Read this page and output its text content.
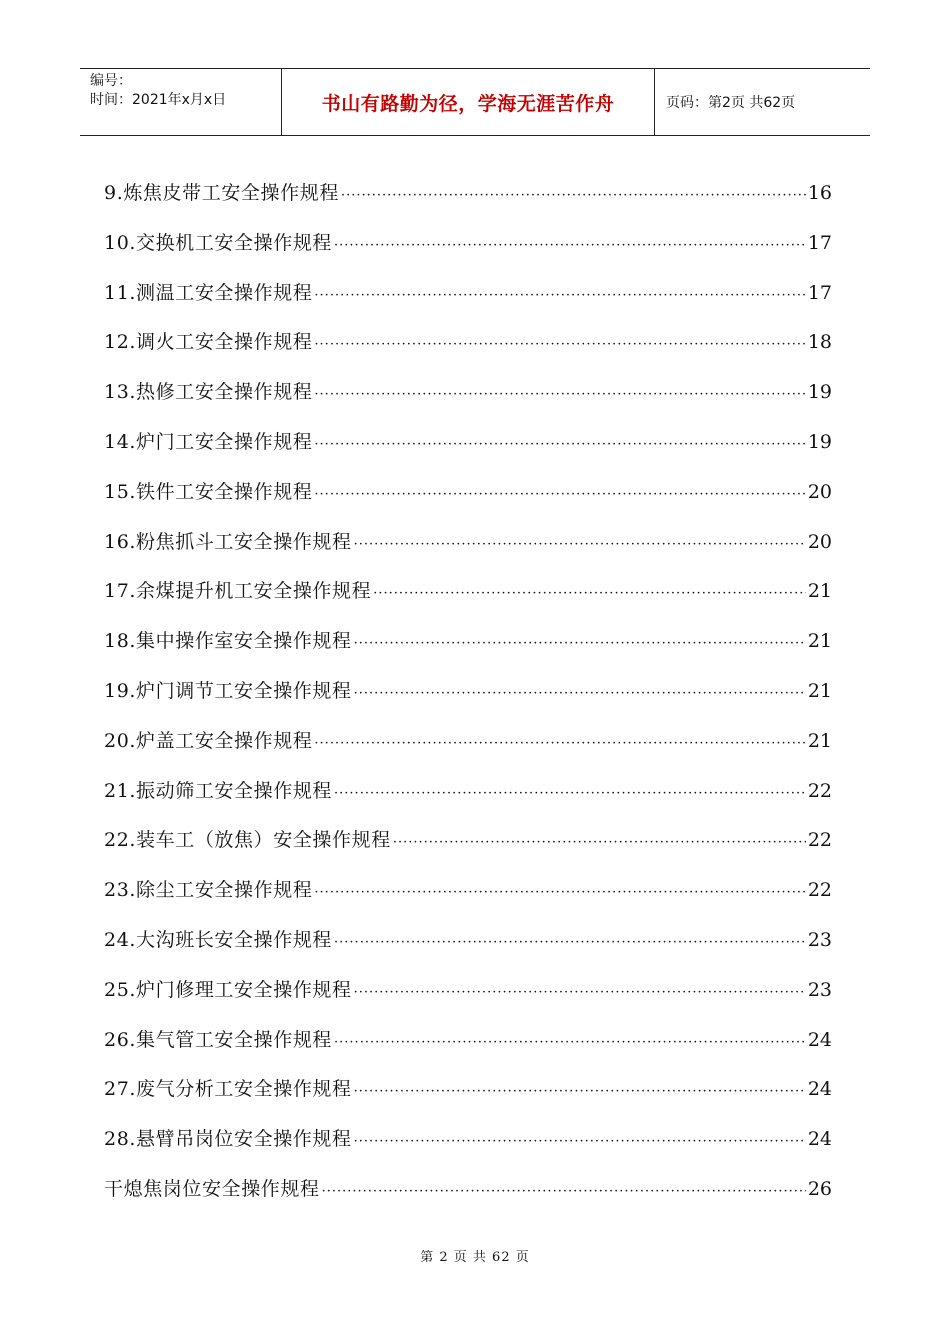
编号：
时间：2021年x月x日	书山有路勤为径，学海无涯苦作舟	页码：第2页 共62页
9.炼焦皮带工安全操作规程 ·····	16
10.交换机工安全操作规程 ·····	17
11.测温工安全操作规程 ·····	17
12.调火工安全操作规程 ·····	18
13.热修工安全操作规程 ·····	19
14.炉门工安全操作规程 ·····	19
15.铁件工安全操作规程 ·····	20
16.粉焦抓斗工安全操作规程 ·····	20
17.余煤提升机工安全操作规程 ·····	21
18.集中操作室安全操作规程 ·····	21
19.炉门调节工安全操作规程 ·····	21
20.炉盖工安全操作规程 ·····	21
21.振动筛工安全操作规程 ·····	22
22.装车工（放焦）安全操作规程 ·····	22
23.除尘工安全操作规程 ·····	22
24.大沟班长安全操作规程 ·····	23
25.炉门修理工安全操作规程 ·····	23
26.集气管工安全操作规程 ·····	24
27.废气分析工安全操作规程 ·····	24
28.悬臂吊岗位安全操作规程 ·····	24
干熄焦岗位安全操作规程 ·····	26
第 2 页 共 62 页
